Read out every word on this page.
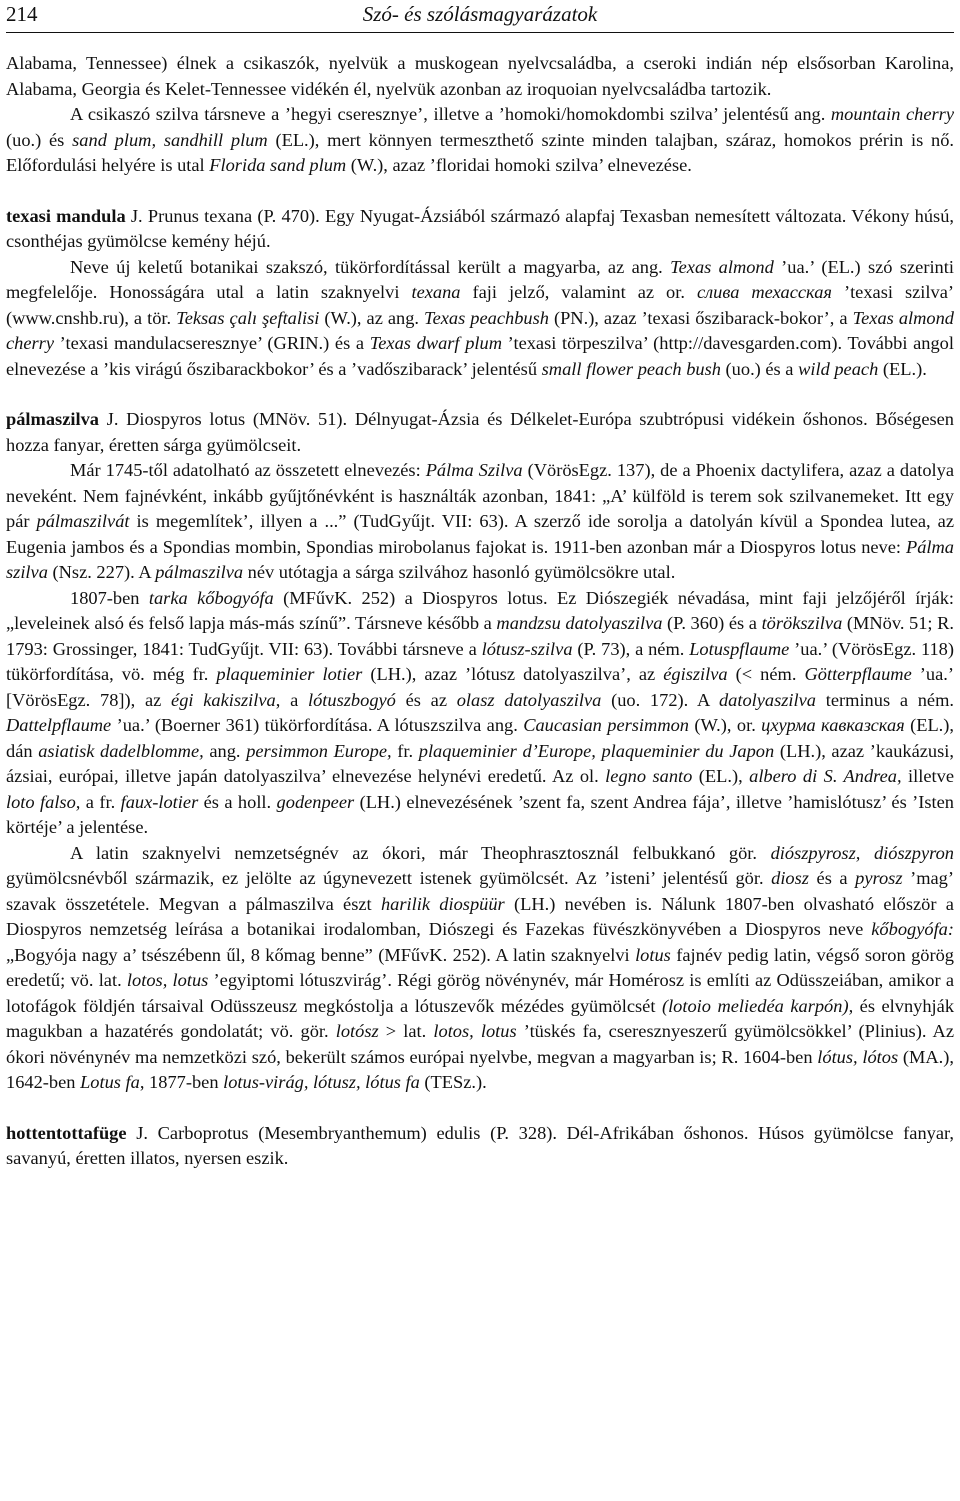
214	Szó- és szólásmagyarázatok

Alabama, Tennessee) élnek a csikaszók, nyelvük a muskogean nyelvcsaládba, a cseroki indián nép elsősorban Karolina, Alabama, Georgia és Kelet-Tennessee vidékén él, nyelvük azonban az iroquoian nyelvcsaládba tartozik.

A csikaszó szilva társneve a ’hegyi cseresznye’, illetve a ’homoki/homokdombi szilva’ jelentésű ang. mountain cherry (uo.) és sand plum, sandhill plum (EL.), mert könnyen termeszthető szinte minden talajban, száraz, homokos prérin is nő. Előfordulási helyére is utal Florida sand plum (W.), azaz ’floridai homoki szilva’ elnevezése.

texasi mandula J. Prunus texana (P. 470). Egy Nyugat-Ázsiából származó alapfaj Texasban nemesített változata. Vékony húsú, csonthéjas gyümölcse kemény héjú.

Neve új keletű botanikai szakszó, tükörfordítással került a magyarba, az ang. Texas almond ’ua.’ (EL.) szó szerinti megfelelője. Honosságára utal a latin szaknyelvi texana faji jelző, valamint az or. слива техасская ’texasi szilva’ (www.cnshb.ru), a tör. Teksas çalı şeftalisi (W.), az ang. Texas peachbush (PN.), azaz ’texasi őszibarack-bokor’, a Texas almond cherry ’texasi mandulacseresznye’ (GRIN.) és a Texas dwarf plum ’texasi törpeszilva’ (http://davesgarden.com). További angol elnevezése a ’kis virágú őszibarackbokor’ és a ’vadőszibarack’ jelentésű small flower peach bush (uo.) és a wild peach (EL.).

pálmaszilva J. Diospyros lotus (MNöv. 51). Délnyugat-Ázsia és Délkelet-Európa szubtrópusi vidékein őshonos. Bőségesen hozza fanyar, éretten sárga gyümölcseit.

Már 1745-től adatolható az összetett elnevezés: Pálma Szilva (VörösEgz. 137), de a Phoenix dactylifera, azaz a datolya neveként. Nem fajnévként, inkább gyűjtőnévként is használták azonban, 1841: „A’ külföld is terem sok szilvanemeket. Itt egy pár pálmaszilvát is megemlítek’, illyen a ...” (TudGyűjt. VII: 63). A szerző ide sorolja a datolyán kívül a Spondea lutea, az Eugenia jambos és a Spondias mombin, Spondias mirobolanus fajokat is. 1911-ben azonban már a Diospyros lotus neve: Pálma szilva (Nsz. 227). A pálmaszilva név utótagja a sárga szilvához hasonló gyümölcsökre utal.

1807-ben tarka kőbogyófa (MFűvK. 252) a Diospyros lotus. Ez Diószegiék névadása, mint faji jelzőjéről írják: „leveleinek alsó és felső lapja más-más színű”. Társneve később a mandzsu datolyaszilva (P. 360) és a törökszilva (MNöv. 51; R. 1793: Grossinger, 1841: TudGyűjt. VII: 63). További társneve a lótusz-szilva (P. 73), a ném. Lotuspflaume ’ua.’ (VörösEgz. 118) tükörfordítása, vö. még fr. plaqueminier lotier (LH.), azaz ’lótusz datolyaszilva’, az égiszilva (< ném. Götterpflaume ’ua.’ [VörösEgz. 78]), az égi kakiszilva, a lótuszbogyó és az olasz datolyaszilva (uo. 172). A datolyaszilva terminus a ném. Dattelpflaume ’ua.’ (Boerner 361) tükörfordítása. A lótuszszilva ang. Caucasian persimmon (W.), or. цхурма кавказская (EL.), dán asiatisk dadelblomme, ang. persimmon Europe, fr. plaqueminier d’Europe, plaqueminier du Japon (LH.), azaz ’kaukázusi, ázsiai, európai, illetve japán datolyaszilva’ elnevezése helynévi eredetű. Az ol. legno santo (EL.), albero di S. Andrea, illetve loto falso, a fr. faux-lotier és a holl. godenpeer (LH.) elnevezésének ’szent fa, szent Andrea fája’, illetve ’hamislótusz’ és ’Isten körtéje’ a jelentése.

A latin szaknyelvi nemzetségnév az ókori, már Theophrasztosznál felbukkanó gör. diószpyrosz, diószpyron gyümölcsnévből származik, ez jelölte az úgynevezett istenek gyümölcsét. Az ’isteni’ jelentésű gör. diosz és a pyrosz ’mag’ szavak összetétele. Megvan a pálmaszilva észt harilik diospüür (LH.) nevében is. Nálunk 1807-ben olvasható először a Diospyros nemzetség leírása a botanikai irodalomban, Diószegi és Fazekas füvészkönyvében a Diospyros neve kőbogyófa: „Bogyója nagy a’ tsészébenn űl, 8 kőmag benne” (MFűvK. 252). A latin szaknyelvi lotus fajnév pedig latin, végső soron görög eredetű; vö. lat. lotos, lotus ’egyiptomi lótuszvirág’. Régi görög növénynév, már Homérosz is említi az Odüsszeiában, amikor a lotofágok földjén társaival Odüsszeusz megkóstolja a lótuszevők mézédes gyümölcsét (lotoio meliedéa karpón), és elvnyhják magukban a hazatérés gondolatát; vö. gör. lotósz > lat. lotos, lotus ’tüskés fa, cseresznyeszerű gyümölcsökkel’ (Plinius). Az ókori növénynév ma nemzetközi szó, bekerült számos európai nyelvbe, megvan a magyarban is; R. 1604-ben lótus, lótos (MA.), 1642-ben Lotus fa, 1877-ben lotus-virág, lótusz, lótus fa (TESz.).

hottentottafüge J. Carboprotus (Mesembryanthemum) edulis (P. 328). Dél-Afrikában őshonos. Húsos gyümölcse fanyar, savanyú, éretten illatos, nyersen eszik.
